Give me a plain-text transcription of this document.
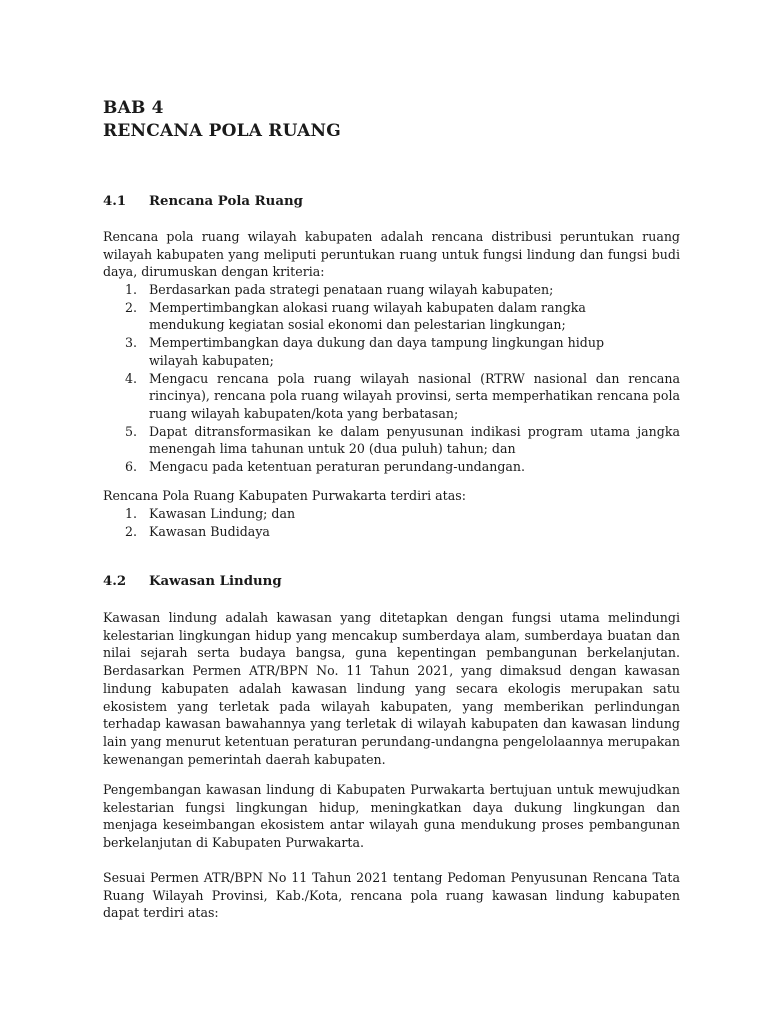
BAB 4
RENCANA POLA RUANG
4.1 Rencana Pola Ruang
Rencana pola ruang wilayah kabupaten adalah rencana distribusi peruntukan ruang wilayah kabupaten yang meliputi peruntukan ruang untuk fungsi lindung dan fungsi budi daya, dirumuskan dengan kriteria:
1. Berdasarkan pada strategi penataan ruang wilayah kabupaten;
2. Mempertimbangkan alokasi ruang wilayah kabupaten dalam rangka mendukung kegiatan sosial ekonomi dan pelestarian lingkungan;
3. Mempertimbangkan daya dukung dan daya tampung lingkungan hidup wilayah kabupaten;
4. Mengacu rencana pola ruang wilayah nasional (RTRW nasional dan rencana rincinya), rencana pola ruang wilayah provinsi, serta memperhatikan rencana pola ruang wilayah kabupaten/kota yang berbatasan;
5. Dapat ditransformasikan ke dalam penyusunan indikasi program utama jangka menengah lima tahunan untuk 20 (dua puluh) tahun; dan
6. Mengacu pada ketentuan peraturan perundang-undangan.
Rencana Pola Ruang Kabupaten Purwakarta terdiri atas:
1. Kawasan Lindung; dan
2. Kawasan Budidaya
4.2 Kawasan Lindung
Kawasan lindung adalah kawasan yang ditetapkan dengan fungsi utama melindungi kelestarian lingkungan hidup yang mencakup sumberdaya alam, sumberdaya buatan dan nilai sejarah serta budaya bangsa, guna kepentingan pembangunan berkelanjutan. Berdasarkan Permen ATR/BPN No. 11 Tahun 2021, yang dimaksud dengan kawasan lindung kabupaten adalah kawasan lindung yang secara ekologis merupakan satu ekosistem yang terletak pada wilayah kabupaten, yang memberikan perlindungan terhadap kawasan bawahannya yang terletak di wilayah kabupaten dan kawasan lindung lain yang menurut ketentuan peraturan perundang-undangna pengelolaannya merupakan kewenangan pemerintah daerah kabupaten.
Pengembangan kawasan lindung di Kabupaten Purwakarta bertujuan untuk mewujudkan kelestarian fungsi lingkungan hidup, meningkatkan daya dukung lingkungan dan menjaga keseimbangan ekosistem antar wilayah guna mendukung proses pembangunan berkelanjutan di Kabupaten Purwakarta.
Sesuai Permen ATR/BPN No 11 Tahun 2021 tentang Pedoman Penyusunan Rencana Tata Ruang Wilayah Provinsi, Kab./Kota, rencana pola ruang kawasan lindung kabupaten dapat terdiri atas:
